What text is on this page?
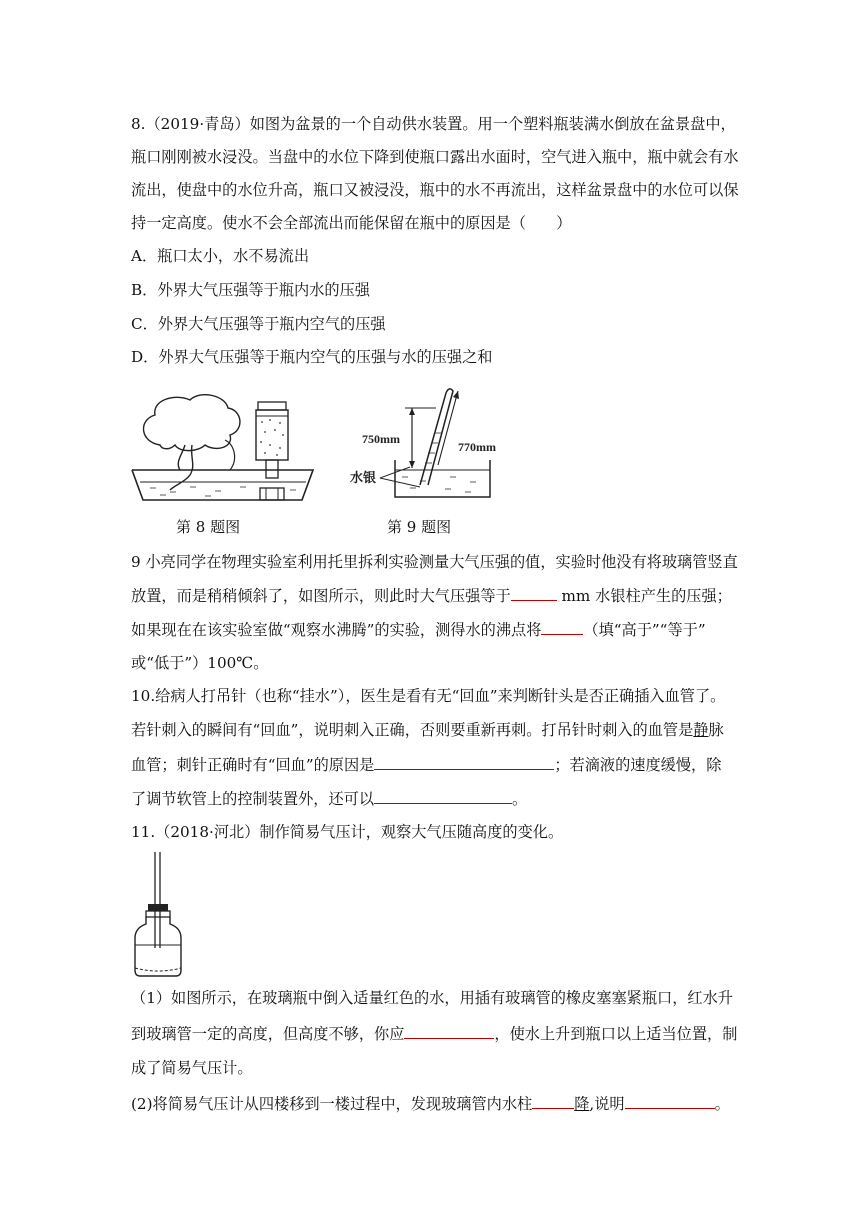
8.（2019·青岛）如图为盆景的一个自动供水装置。用一个塑料瓶装满水倒放在盆景盘中，
瓶口刚刚被水浸没。当盘中的水位下降到使瓶口露出水面时，空气进入瓶中，瓶中就会有水
流出，使盘中的水位升高，瓶口又被浸没，瓶中的水不再流出，这样盆景盘中的水位可以保
持一定高度。使水不会全部流出而能保留在瓶中的原因是（　　）
A．瓶口太小，水不易流出
B．外界大气压强等于瓶内水的压强
C．外界大气压强等于瓶内空气的压强
D．外界大气压强等于瓶内空气的压强与水的压强之和
750mm
770mm
水银
第 8 题图	第 9 题图
9 小亮同学在物理实验室利用托里拆利实验测量大气压强的值，实验时他没有将玻璃管竖直
放置，而是稍稍倾斜了，如图所示，则此时大气压强等于	mm 水银柱产生的压强；
如果现在在该实验室做“观察水沸腾”的实验，测得水的沸点将	（填“高于”“等于”
或“低于”）100℃。
10.给病人打吊针（也称“挂水”），医生是看有无“回血”来判断针头是否正确插入血管了。
若针刺入的瞬间有“回血”，说明刺入正确，否则要重新再刺。打吊针时刺入的血管是静脉
血管；刺针正确时有“回血”的原因是	；若滴液的速度缓慢，除
了调节软管上的控制装置外，还可以	。
11.（2018·河北）制作简易气压计，观察大气压随高度的变化。
（1）如图所示，在玻璃瓶中倒入适量红色的水，用插有玻璃管的橡皮塞塞紧瓶口，红水升
到玻璃管一定的高度，但高度不够，你应	，使水上升到瓶口以上适当位置，制
成了简易气压计。
(2)将简易气压计从四楼移到一楼过程中，发现玻璃管内水柱	降,说明	。
